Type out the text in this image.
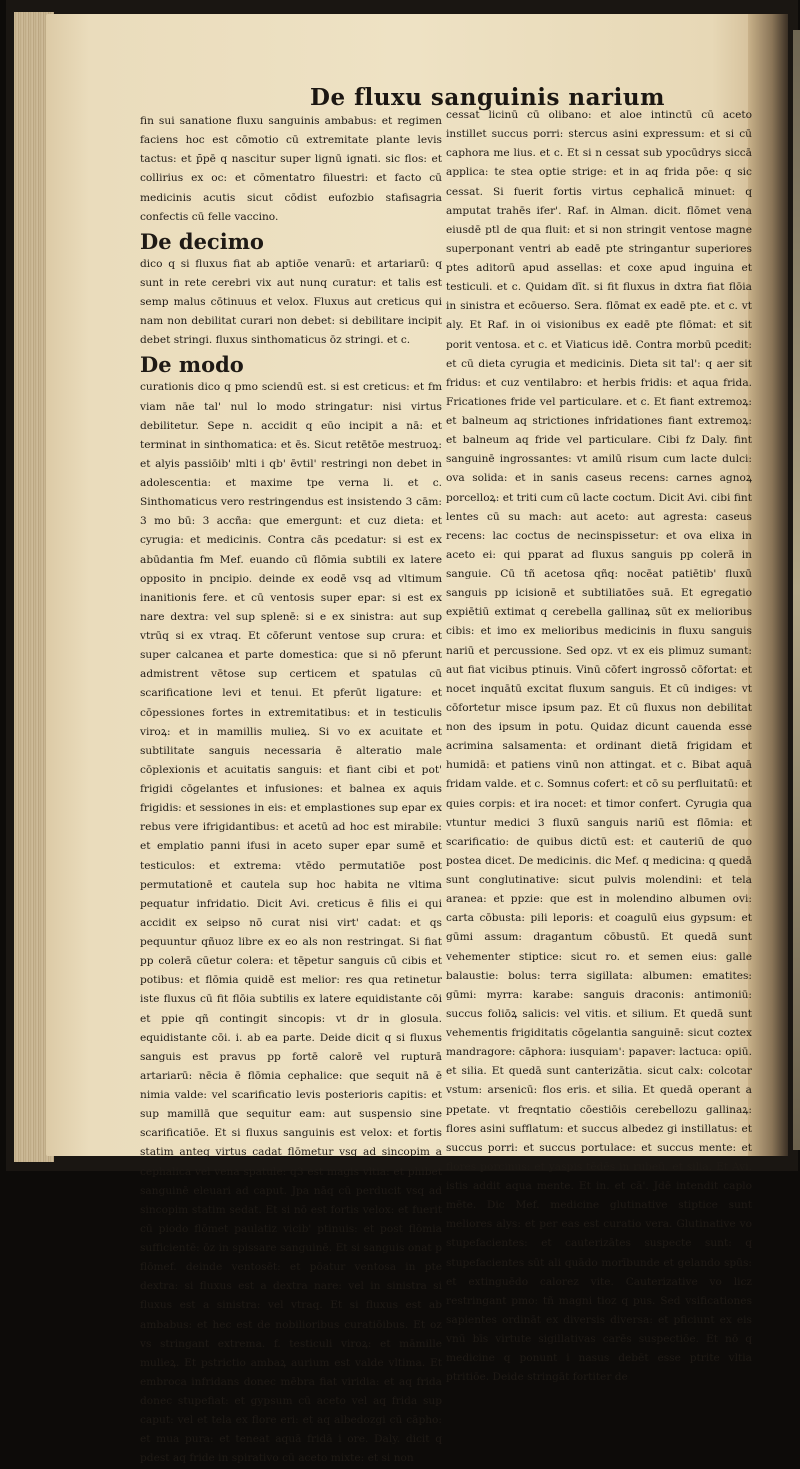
De fluxu sanguinis narium

fin sui sanatione fluxu sanguinis ambabus: et regimen faciens hoc est cōmotio cū extremitate plante levis tactus: et p̄pē q nascitur super lignū ignati. sic flos: et collirius ex oc: et cōmentatro filuestri: et facto cū medicinis acutis sicut cōdist eufozbio stafisagria confectis cū felle vaccino.

De decimo

dico q si fluxus fiat ab aptiōe venarū: et artariarū: q sunt in rete cerebri vix aut nunq curatur: et talis est semp malus cōtinuus et velox. Fluxus aut creticus qui nam non debilitat curari non debet: si debilitare incipit debet stringi. fluxus sinthomaticus ōz stringi. et c.

De modo

curationis dico q pmo sciendū est. si est creticus: et fm viam nāe tal' nul lo modo stringatur: nisi virtus debilitetur. Sepe n. accidit q eūo incipit a nā: et terminat in sinthomatica: et ēs. Sicut retētōe mestruoꝝ: et alyis passiōib' mlti i qb' ēvtil' restringi non debet in adolescentia: et maxime tpe verna li. et c. Sinthomaticus vero restringendus est insistendo 3 cām: 3 mo bū: 3 accña: que emergunt: et cuz dieta: et cyrugia: et medicinis. Contra cās pcedatur: si est ex abūdantia fm Mef. euando cū flōmia subtili ex latere opposito in pncipio. deinde ex eodē vsq ad vltimum inanitionis fere. et cū ventosis super epar: si est ex nare dextra: vel sup splenē: si e ex sinistra: aut sup vtrūq si ex vtraq. Et cōferunt ventose sup crura: et super calcanea et parte domestica: que si nō pferunt admistrent vētose sup certicem et spatulas cū scarificatione levi et tenui. Et pferūt ligature: et cōpessiones fortes in extremitatibus: et in testiculis viroꝝ: et in mamillis mulieꝝ. Si vo ex acuitate et subtilitate sanguis necessaria ē alteratio male cōplexionis et acuitatis sanguis: et fiant cibi et pot' frigidi cōgelantes et infusiones: et balnea ex aquis frigidis: et sessiones in eis: et emplastiones sup epar ex rebus vere ifrigidantibus: et acetū ad hoc est mirabile: et emplatio panni ifusi in aceto super epar sumē et testiculos: et extrema: vtēdo permutatiōe post permutationē et cautela sup hoc habita ne vltima pequatur infridatio. Dicit Avi. creticus ē filis ei qui accidit ex seipso nō curat nisi virt' cadat: et qs pequuntur qñuoz libre ex eo als non restringat. Si fiat pp colerā cūetur colera: et tēpetur sanguis cū cibis et potibus: et flōmia quidē est melior: res qua retinetur iste fluxus cū fit flōia subtilis ex latere equidistante cōi et ppie qñ contingit sincopis: vt dr in glosula. equidistante cōi. i. ab ea parte. Deide dicit q si fluxus sanguis est pravus pp fortē calorē vel rupturā artariarū: nēcia ē flōmia cephalice: que sequit nā ē nimia valde: vel scarificatio levis posterioris capitis: et sup mamillā que sequitur eam: aut suspensio sine scarificatiōe. Et si fluxus sanguinis est velox: et fortis statim anteq virtus cadat flōmetur vsq ad sincopim a cephalica vel vena spatule: q3 est magis vltia: et phibet sanguinē eleuari ad caput. Jpa nāq cū perducit vsq ad sincopim statim sedat. Et si nō est fortis velox: et fuerit cū piodo flōmet paulatiz vicib' ptinuis: et post flōmia sufficientē: ōz in spissare sanguinē. Et si sanguis onat p flōmef. deinde ventosēt: et pōatur ventosa in pte dextra: si fluxus est a dextra nare: vel in sinistra si fluxus est a sinistra: vel vtraq. Et si fluxus est ab ambabus: et hec est de nobilioribus curatiōibus. Et oz vs stringant extrema. f. testiculi viroꝝ: et māmille mulieꝝ. Et pstrictio ambaꝝ aurium est valde vltima. Et embroca infridans donec mēbra fiat viridia: et aq frida donec stupefiat: et gypsum cū aceto vel aq frida sup caput: vel et tela ex flore eri: et aq albedozgi cū cāpho: et mua pura: et teneat aquā fridā i ore. Daly. dicit q pdest aq fride in spirativo cū aceto mixte: et si non

cessat licinū cū olibano: et aloe intinctū cū aceto instillet succus porri: stercus asini expressum: et si cū caphora me lius. et c. Et si n cessat sub ypocūdrys siccā applica: te stea optie strige: et in aq frida pōe: q sic cessat. Si fuerit fortis virtus cephalicā minuet: q amputat trahēs ifer'. Raf. in Alman. dicit. flōmet vena eiusdē ptl de qua fluit: et si non stringit ventose magne superponant ventri ab eadē pte stringantur superiores ptes aditorū apud assellas: et coxe apud inguina et testiculi. et c. Quidam dīt. si fit fluxus in dxtra fiat flōia in sinistra et ecōuerso. Sera. flōmat ex eadē pte. et c. vt aly. Et Raf. in oi visionibus ex eadē pte flōmat: et sit porit ventosa. et c. et Viaticus idē. Contra morbū pcedit: et cū dieta cyrugia et medicinis. Dieta sit tal': q aer sit fridus: et cuz ventilabro: et herbis fridis: et aqua frida. Fricationes fride vel particulare. et c. Et fiant extremoꝝ: et balneum aq strictiones infridationes fiant extremoꝝ: et balneum aq fride vel particulare. Cibi fz Daly. fint sanguinē ingrossantes: vt amilū risum cum lacte dulci: ova solida: et in sanis caseus recens: carnes agnoꝝ porcelloꝝ: et triti cum cū lacte coctum. Dicit Avi. cibi fint lentes cū su mach: aut aceto: aut agresta: caseus recens: lac coctus de necinspissetur: et ova elixa in aceto ei: qui pparat ad fluxus sanguis pp colerā in sanguie. Cū tñ acetosa qñq: nocēat patiētib' fluxū sanguis pp icisionē et subtiliatōes suā. Et egregatio expiētiū extimat q cerebella gallinaꝝ sūt ex melioribus cibis: et imo ex melioribus medicinis in fluxu sanguis nariū et percussione. Sed opz. vt ex eis plimuz sumant: aut fiat vicibus ptinuis. Vinū cōfert ingrossō cōfortat: et nocet inquātū excitat fluxum sanguis. Et cū indiges: vt cōfortetur misce ipsum paz. Et cū fluxus non debilitat non des ipsum in potu. Quidaz dicunt cauenda esse acrimina salsamenta: et ordinant dietā frigidam et humidā: et patiens vinū non attingat. et c. Bibat aquā fridam valde. et c. Somnus cofert: et cō su perfluitatū: et quies corpis: et ira nocet: et timor confert. Cyrugia qua vtuntur medici 3 fluxū sanguis nariū est flōmia: et scarificatio: de quibus dictū est: et cauteriū de quo postea dicet. De medicinis. dic Mef. q medicina: q quedā sunt conglutinative: sicut pulvis molendini: et tela aranea: et ppzie: que est in molendino albumen ovi: carta cōbusta: pili leporis: et coagulū eius gypsum: et gūmi assum: dragantum cōbustū. Et quedā sunt vehementer stiptice: sicut ro. et semen eius: galle balaustie: bolus: terra sigillata: albumen: ematites: gūmi: myrra: karabe: sanguis draconis: antimoniū: succus foliōꝝ salicis: vel vitis. et silium. Et quedā sunt vehementis frigiditatis cōgelantia sanguinē: sicut coztex mandragore: cāphora: iusquiam': papaver: lactuca: opiū. et silia. Et quedā sunt canterizātia. sicut calx: colcotar vstum: arsenicū: flos eris. et silia. Et quedā operant a ppetate. vt freqntatio cōestiōis cerebellozu gallinaꝝ: flores asini sufflatum: et succus albedez gi instillatus: et succus porri: et succus portulace: et succus mente: et flores porcinus: et yaspis tēdēs in rubeū. et silia. Et Avi. istis addit aqua mente. Et in. et cā'. Jdē intendit caplo mēte. Dic Mef. medicine glutinative stiptice sunt meliores alys: et per eas est curatio vera. Glutinative vo stupefacientes: et cauterizātes suspecte sunt: q stupefacientes sūt ali quādo morībunde et gelando spūs: et extinguēdo calorez vite. Cauterizative vo licz restringant pmo: tñ magni tioz q pus. Sed vsificationes sapientes ordināt ex diversis diversa: et pficiunt ex eis vnū bīs virtute sigillativas carēs suspectiōe. Et nō q medicine q ponunt i nasus debēt esse ptrite vltia ptritiōe. Deide stringāt fortiter de
